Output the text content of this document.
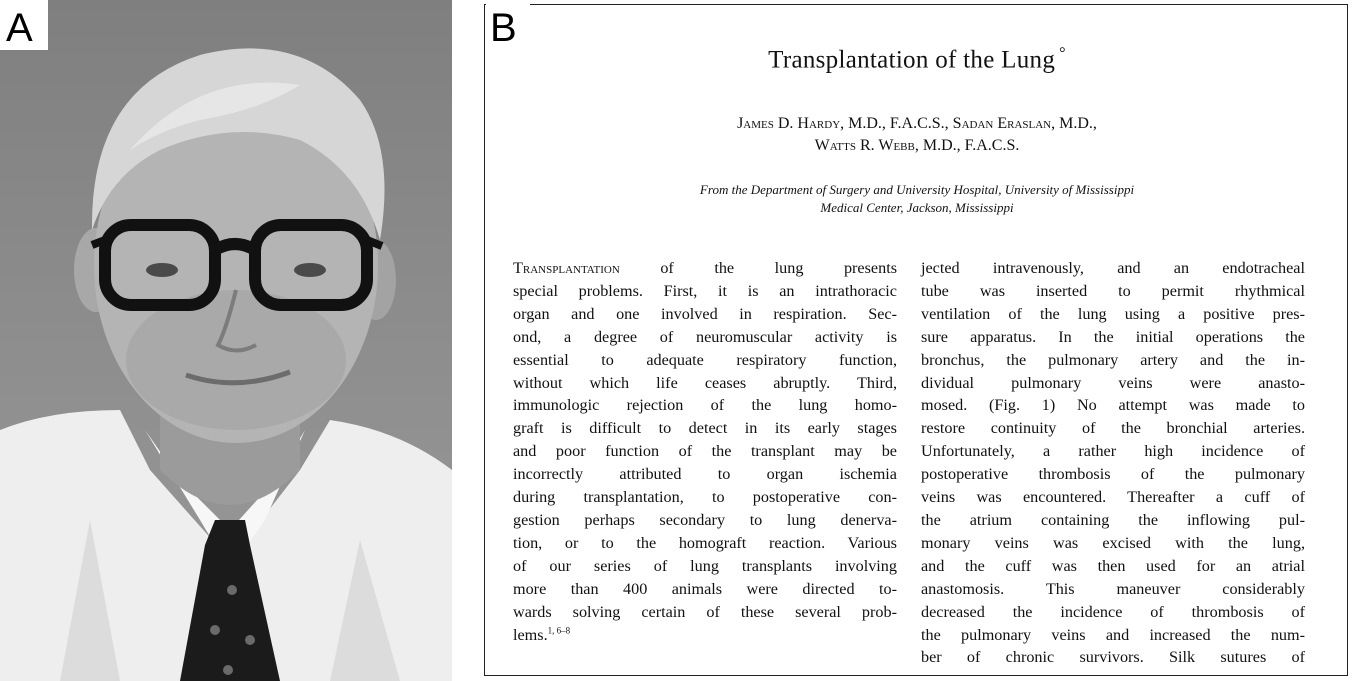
A
Transplantation of the Lung °
James D. Hardy, M.D., F.A.C.S., Sadan Eraslan, M.D.,
Watts R. Webb, M.D., F.A.C.S.
From the Department of Surgery and University Hospital, University of Mississippi
Medical Center, Jackson, Mississippi
Transplantation of the lung presents
special problems. First, it is an intrathoracic
organ and one involved in respiration. Sec-
ond, a degree of neuromuscular activity is
essential to adequate respiratory function,
without which life ceases abruptly. Third,
immunologic rejection of the lung homo-
graft is difficult to detect in its early stages
and poor function of the transplant may be
incorrectly attributed to organ ischemia
during transplantation, to postoperative con-
gestion perhaps secondary to lung denerva-
tion, or to the homograft reaction. Various
of our series of lung transplants involving
more than 400 animals were directed to-
wards solving certain of these several prob-
lems.$^{1, 6-8}$
jected intravenously, and an endotracheal
tube was inserted to permit rhythmical
ventilation of the lung using a positive pres-
sure apparatus. In the initial operations the
bronchus, the pulmonary artery and the in-
dividual pulmonary veins were anasto-
mosed. (Fig. 1) No attempt was made to
restore continuity of the bronchial arteries.
Unfortunately, a rather high incidence of
postoperative thrombosis of the pulmonary
veins was encountered. Thereafter a cuff of
the atrium containing the inflowing pul-
monary veins was excised with the lung,
and the cuff was then used for an atrial
anastomosis. This maneuver considerably
decreased the incidence of thrombosis of
the pulmonary veins and increased the num-
ber of chronic survivors. Silk sutures of
B
